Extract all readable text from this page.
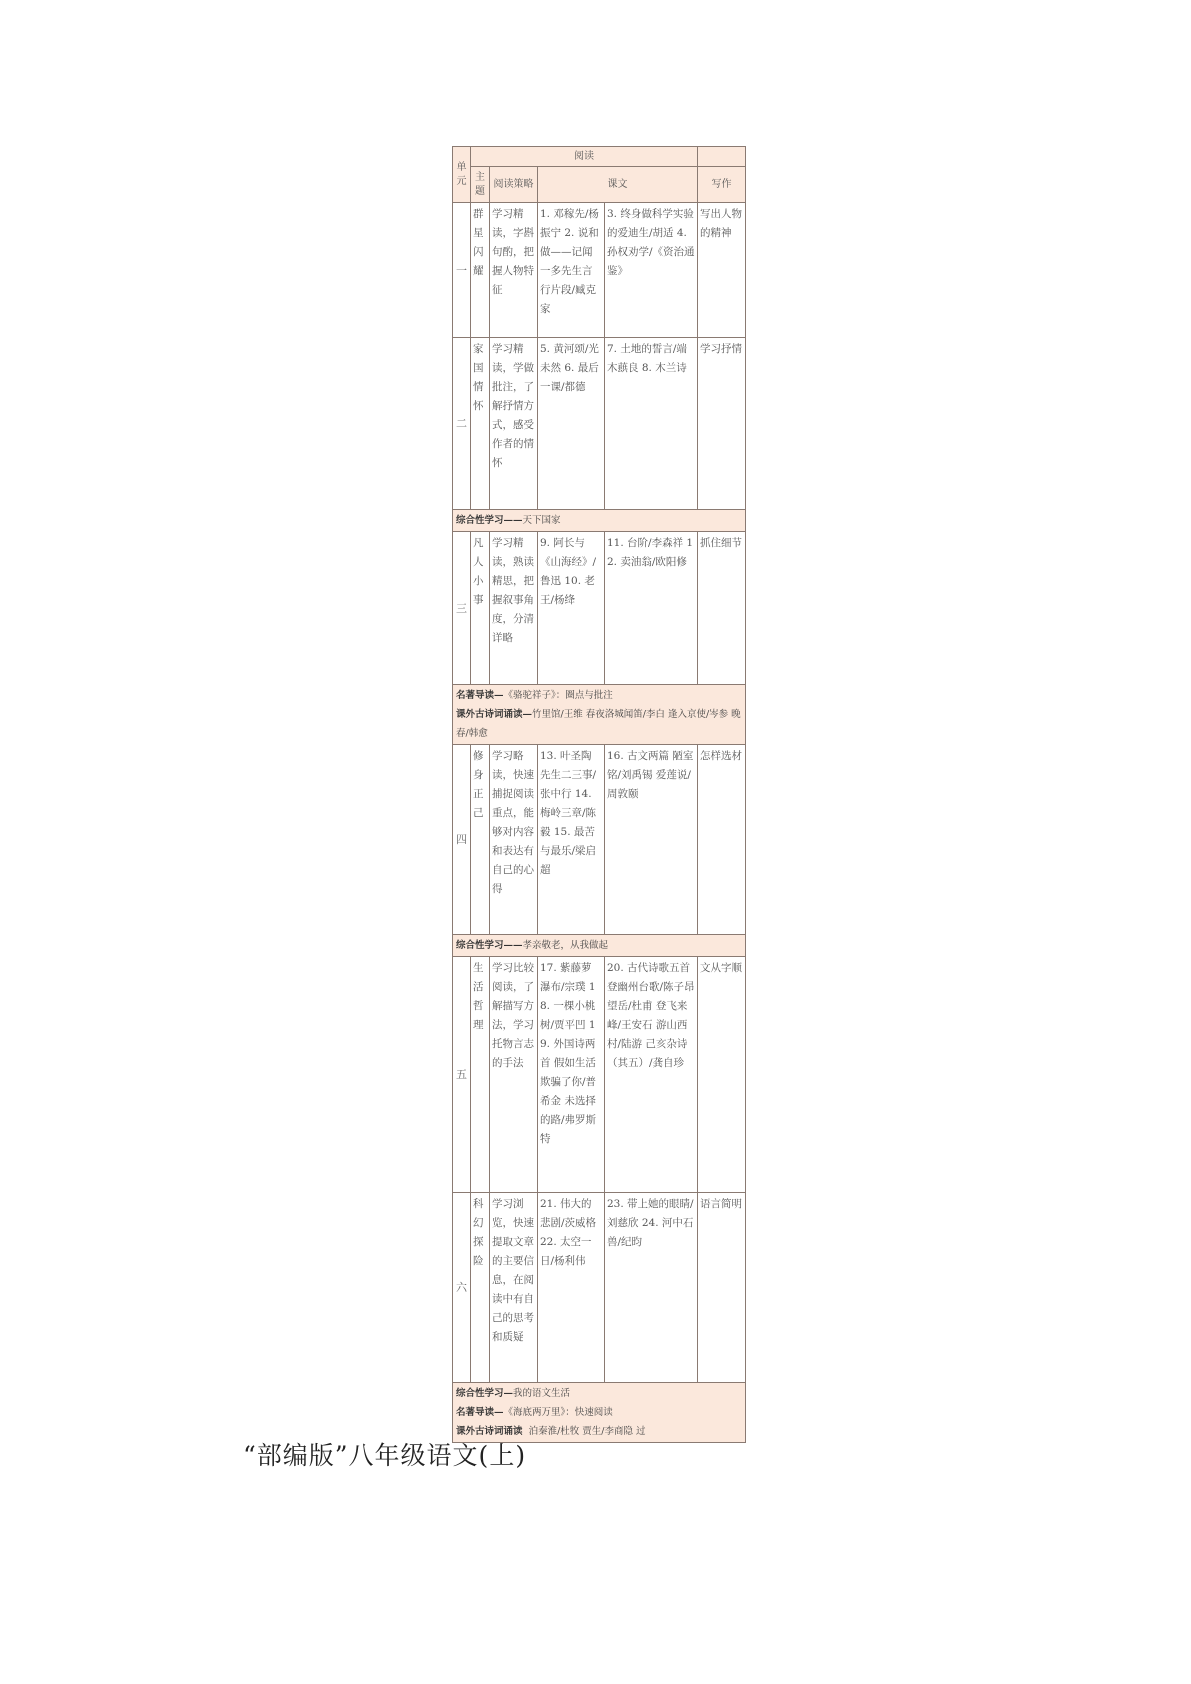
单元	阅读				
	主题	阅读策略	课文		写作
一	群星闪耀	学习精读，字斟句酌，把握人物特征	1. 邓稼先/杨振宁 2. 说和做——记闻一多先生言行片段/臧克家	3. 终身做科学实验的爱迪生/胡适 4. 孙权劝学/《资治通鉴》	写出人物的精神
二	家国情怀	学习精读，学做批注，了解抒情方式，感受作者的情怀	5. 黄河颂/光未然 6. 最后一课/都德	7. 土地的誓言/端木蕻良 8. 木兰诗	学习抒情
综合性学习——天下国家					
三	凡人小事	学习精读，熟读精思，把握叙事角度，分清详略	9. 阿长与《山海经》/鲁迅 10. 老王/杨绛	11. 台阶/李森祥 12. 卖油翁/欧阳修	抓住细节

名著导读—《骆驼祥子》：圈点与批注
课外古诗词诵读—竹里馆/王维 春夜洛城闻笛/李白 逢入京使/岑参 晚春/韩愈					

四	修身正己	学习略读，快速捕捉阅读重点，能够对内容和表达有自己的心得	13. 叶圣陶先生二三事/张中行 14. 梅岭三章/陈毅 15. 最苦与最乐/梁启超	16. 古文两篇 陋室铭/刘禹锡 爱莲说/周敦颐	怎样选材
综合性学习——孝亲敬老，从我做起					
五	生活哲理	学习比较阅读，了解描写方法，学习托物言志的手法	17. 紫藤萝瀑布/宗璞 18. 一棵小桃树/贾平凹 19. 外国诗两首 假如生活欺骗了你/普希金 未选择的路/弗罗斯特	20. 古代诗歌五首 登幽州台歌/陈子昂 望岳/杜甫 登飞来峰/王安石 游山西村/陆游 己亥杂诗（其五）/龚自珍	文从字顺
六	科幻探险	学习浏览，快速提取文章的主要信息，在阅读中有自己的思考和质疑	21. 伟大的悲剧/茨威格 22. 太空一日/杨利伟	23. 带上她的眼睛/刘慈欣 24. 河中石兽/纪昀	语言简明

综合性学习—我的语文生活
名著导读—《海底两万里》：快速阅读
课外古诗词诵读 泊秦淮/杜牧 贾生/李商隐 过					
“部编版”八年级语文(上)
